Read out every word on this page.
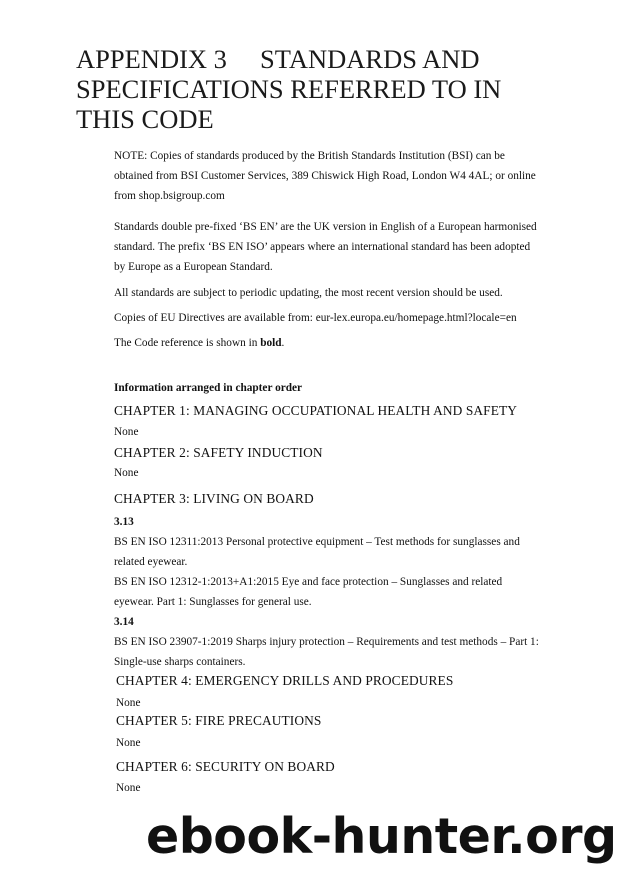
APPENDIX 3     STANDARDS AND
SPECIFICATIONS REFERRED TO IN
THIS CODE

NOTE: Copies of standards produced by the British Standards Institution (BSI) can be

obtained from BSI Customer Services, 389 Chiswick High Road, London W4 4AL; or online

from shop.bsigroup.com

Standards double pre-fixed ‘BS EN’ are the UK version in English of a European harmonised

standard. The prefix ‘BS EN ISO’ appears where an international standard has been adopted

by Europe as a European Standard.

All standards are subject to periodic updating, the most recent version should be used.

Copies of EU Directives are available from: eur-lex.europa.eu/homepage.html?locale=en

The Code reference is shown in bold.

Information arranged in chapter order

CHAPTER 1: MANAGING OCCUPATIONAL HEALTH AND SAFETY

None

CHAPTER 2: SAFETY INDUCTION

None

CHAPTER 3: LIVING ON BOARD

3.13

BS EN ISO 12311:2013 Personal protective equipment – Test methods for sunglasses and

related eyewear.

BS EN ISO 12312-1:2013+A1:2015 Eye and face protection – Sunglasses and related

eyewear. Part 1: Sunglasses for general use.

3.14

BS EN ISO 23907-1:2019 Sharps injury protection – Requirements and test methods – Part 1:

Single-use sharps containers.

CHAPTER 4: EMERGENCY DRILLS AND PROCEDURES

None

CHAPTER 5: FIRE PRECAUTIONS

None

CHAPTER 6: SECURITY ON BOARD

None

ebook-hunter.org
